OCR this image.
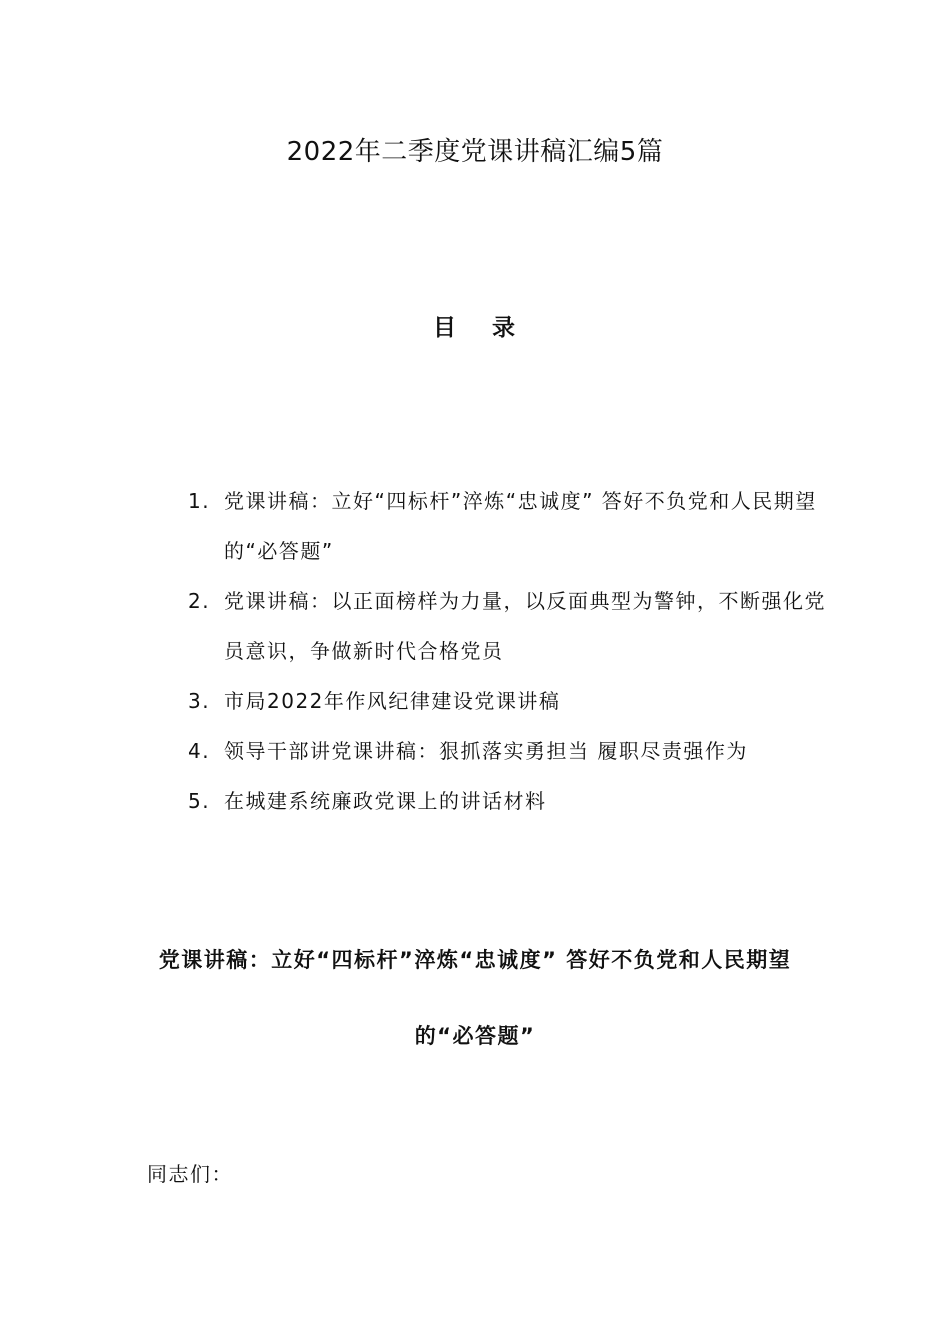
2022年二季度党课讲稿汇编5篇
目 录
1. 党课讲稿：立好“四标杆”淬炼“忠诚度” 答好不负党和人民期望的“必答题”
2. 党课讲稿：以正面榜样为力量，以反面典型为警钟，不断强化党员意识，争做新时代合格党员
3. 市局2022年作风纪律建设党课讲稿
4. 领导干部讲党课讲稿：狠抓落实勇担当 履职尽责强作为
5. 在城建系统廉政党课上的讲话材料
党课讲稿：立好“四标杆”淬炼“忠诚度” 答好不负党和人民期望的“必答题”
同志们：
